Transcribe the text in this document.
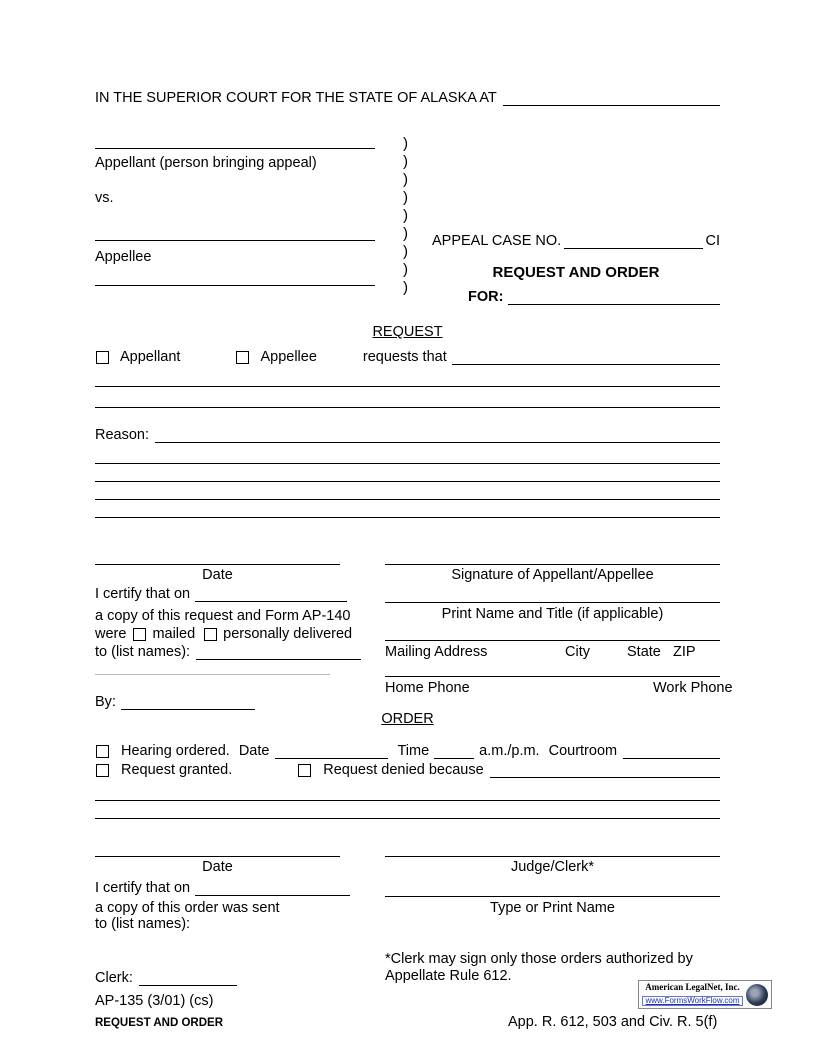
IN THE SUPERIOR COURT FOR THE STATE OF ALASKA AT
Appellant (person bringing appeal)
vs.
Appellee
)
)
)
)
)
)
)
)
)
APPEAL CASE NO.	CI
REQUEST AND ORDER
FOR:
REQUEST
Appellant	Appellee	requests that
Reason:
Date
I certify that on
a copy of this request and Form AP-140
were mailed personally delivered
to (list names):
By:
Signature of Appellant/Appellee
Print Name and Title (if applicable)
Mailing Address	City	State ZIP
Home Phone	Work Phone
ORDER
Hearing ordered. Date	Time	a.m./p.m. Courtroom
Request granted.	Request denied because
Date
I certify that on
a copy of this order was sent
to (list names):
Judge/Clerk*
Type or Print Name
*Clerk may sign only those orders authorized by Appellate Rule 612.
Clerk:
AP-135 (3/01) (cs)
REQUEST AND ORDER	App. R. 612, 503 and Civ. R. 5(f)
American LegalNet, Inc.
www.FormsWorkFlow.com
